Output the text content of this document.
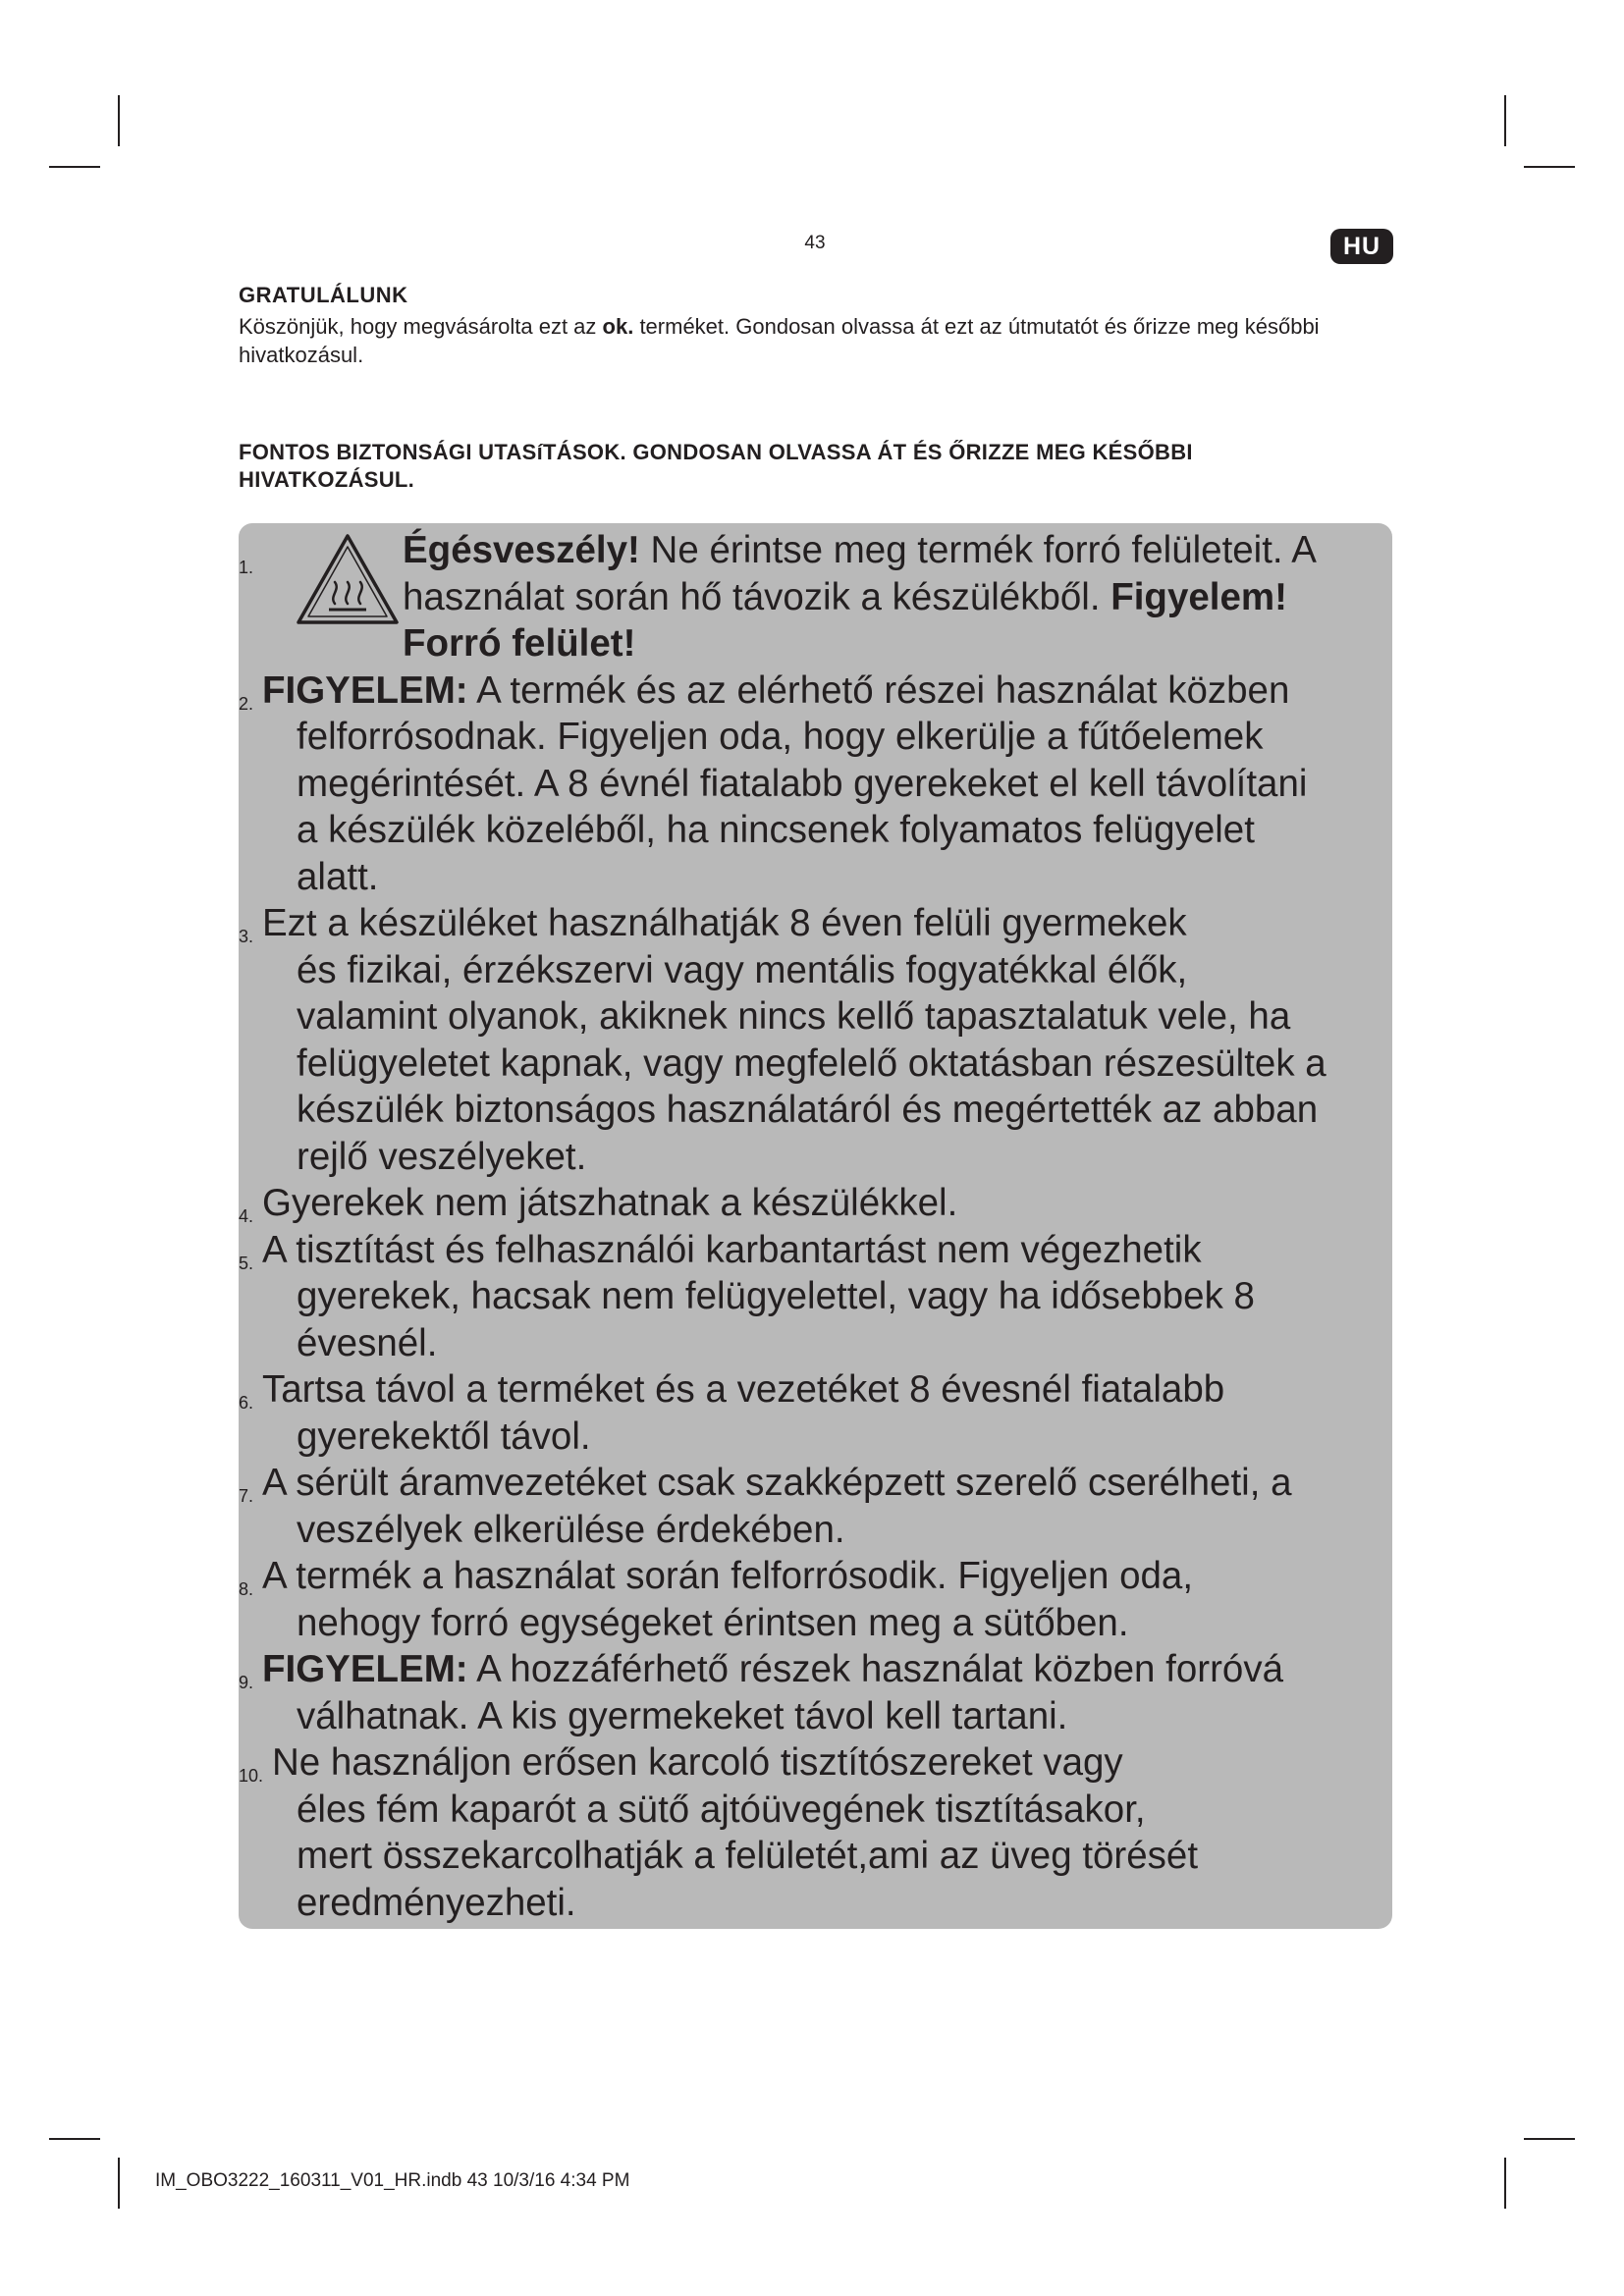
43	HU
GRATULÁLUNK
Köszönjük, hogy megvásárolta ezt az ok. terméket. Gondosan olvassa át ezt az útmutatót és őrizze meg későbbi hivatkozásul.
FONTOS BIZTONSÁGI UTASíTÁSOK. GONDOSAN OLVASSA ÁT ÉS ŐRIZZE MEG KÉSŐBBI HIVATKOZÁSUL.
1.	Égésveszély! Ne érintse meg termék forró felületeit. A
használat során hő távozik a készülékből. Figyelem!
Forró felület!
2. FIGYELEM: A termék és az elérhető részei használat közben
felforrósodnak. Figyeljen oda, hogy elkerülje a fűtőelemek
megérintését. A 8 évnél fiatalabb gyerekeket el kell távolítani
a készülék közeléből, ha nincsenek folyamatos felügyelet
alatt.
3. Ezt a készüléket használhatják 8 éven felüli gyermekek
és fizikai, érzékszervi vagy mentális fogyatékkal élők,
valamint olyanok, akiknek nincs kellő tapasztalatuk vele, ha
felügyeletet kapnak, vagy megfelelő oktatásban részesültek a
készülék biztonságos használatáról és megértették az abban
rejlő veszélyeket.
4. Gyerekek nem játszhatnak a készülékkel.
5. A tisztítást és felhasználói karbantartást nem végezhetik
gyerekek, hacsak nem felügyelettel, vagy ha idősebbek 8
évesnél.
6. Tartsa távol a terméket és a vezetéket 8 évesnél fiatalabb
gyerekektől távol.
7. A sérült áramvezetéket csak szakképzett szerelő cserélheti, a
veszélyek elkerülése érdekében.
8. A termék a használat során felforrósodik. Figyeljen oda,
nehogy forró egységeket érintsen meg a sütőben.
9. FIGYELEM: A hozzáférhető részek használat közben forróvá
válhatnak. A kis gyermekeket távol kell tartani.
10. Ne használjon erősen karcoló tisztítószereket vagy
éles fém kaparót a sütő ajtóüvegének tisztításakor,
mert összekarcolhatják a felületét,ami az üveg törését
eredményezheti.
IM_OBO3222_160311_V01_HR.indb 43 10/3/16 4:34 PM
